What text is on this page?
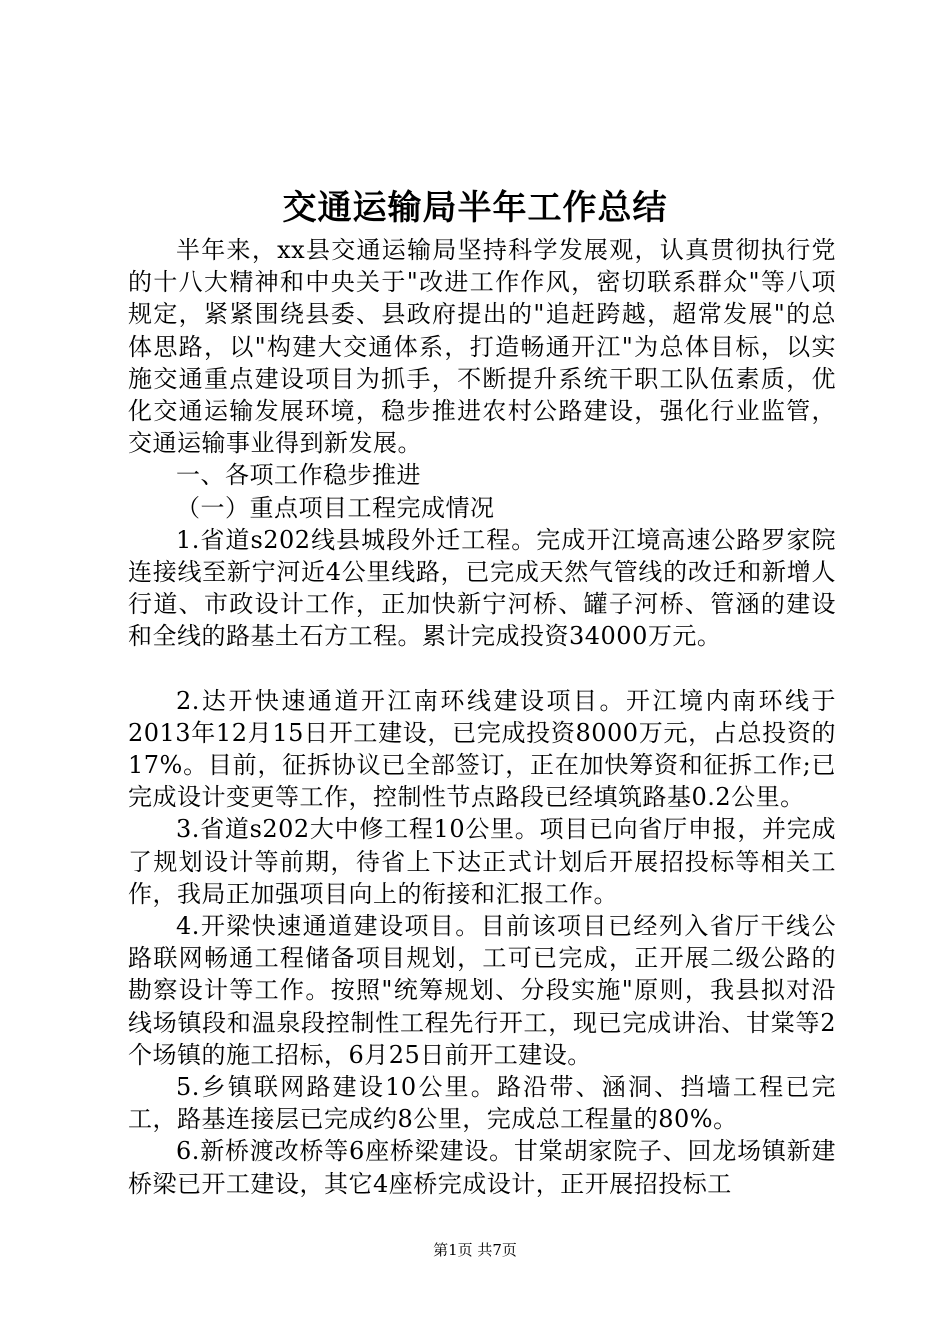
交通运输局半年工作总结

半年来，xx县交通运输局坚持科学发展观，认真贯彻执行党的十八大精神和中央关于"改进工作作风，密切联系群众"等八项规定，紧紧围绕县委、县政府提出的"追赶跨越，超常发展"的总体思路，以"构建大交通体系，打造畅通开江"为总体目标，以实施交通重点建设项目为抓手，不断提升系统干职工队伍素质，优化交通运输发展环境，稳步推进农村公路建设，强化行业监管，交通运输事业得到新发展。

一、各项工作稳步推进

（一）重点项目工程完成情况

1.省道s202线县城段外迁工程。完成开江境高速公路罗家院连接线至新宁河近4公里线路，已完成天然气管线的改迁和新增人行道、市政设计工作，正加快新宁河桥、罐子河桥、管涵的建设和全线的路基土石方工程。累计完成投资34000万元。

2.达开快速通道开江南环线建设项目。开江境内南环线于2013年12月15日开工建设，已完成投资8000万元，占总投资的17%。目前，征拆协议已全部签订，正在加快筹资和征拆工作;已完成设计变更等工作，控制性节点路段已经填筑路基0.2公里。

3.省道s202大中修工程10公里。项目已向省厅申报，并完成了规划设计等前期，待省上下达正式计划后开展招投标等相关工作，我局正加强项目向上的衔接和汇报工作。

4.开梁快速通道建设项目。目前该项目已经列入省厅干线公路联网畅通工程储备项目规划，工可已完成，正开展二级公路的勘察设计等工作。按照"统筹规划、分段实施"原则，我县拟对沿线场镇段和温泉段控制性工程先行开工，现已完成讲治、甘棠等2个场镇的施工招标，6月25日前开工建设。

5.乡镇联网路建设10公里。路沿带、涵洞、挡墙工程已完工，路基连接层已完成约8公里，完成总工程量的80%。

6.新桥渡改桥等6座桥梁建设。甘棠胡家院子、回龙场镇新建桥梁已开工建设，其它4座桥完成设计，正开展招投标工

第1页 共7页
